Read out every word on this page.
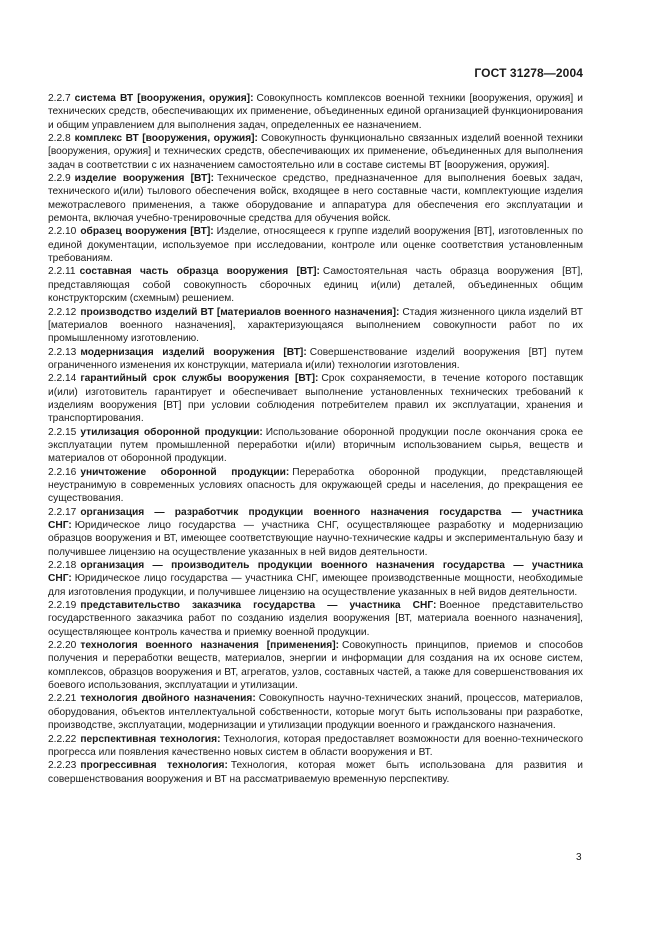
ГОСТ 31278—2004

2.2.7 система ВТ [вооружения, оружия]: Совокупность комплексов военной техники [вооружения, оружия] и технических средств, обеспечивающих их применение, объединенных единой организацией функционирования и общим управлением для выполнения задач, определенных ее назначением.

2.2.8 комплекс ВТ [вооружения, оружия]: Совокупность функционально связанных изделий военной техники [вооружения, оружия] и технических средств, обеспечивающих их применение, объединенных для выполнения задач в соответствии с их назначением самостоятельно или в составе системы ВТ [вооружения, оружия].

2.2.9 изделие вооружения [ВТ]: Техническое средство, предназначенное для выполнения боевых задач, технического и(или) тылового обеспечения войск, входящее в него составные части, комплектующие изделия межотраслевого применения, а также оборудование и аппаратура для обеспечения его эксплуатации и ремонта, включая учебно-тренировочные средства для обучения войск.

2.2.10 образец вооружения [ВТ]: Изделие, относящееся к группе изделий вооружения [ВТ], изготовленных по единой документации, используемое при исследовании, контроле или оценке соответствия установленным требованиям.

2.2.11 составная часть образца вооружения [ВТ]: Самостоятельная часть образца вооружения [ВТ], представляющая собой совокупность сборочных единиц и(или) деталей, объединенных общим конструкторским (схемным) решением.

2.2.12 производство изделий ВТ [материалов военного назначения]: Стадия жизненного цикла изделий ВТ [материалов военного назначения], характеризующаяся выполнением совокупности работ по их промышленному изготовлению.

2.2.13 модернизация изделий вооружения [ВТ]: Совершенствование изделий вооружения [ВТ] путем ограниченного изменения их конструкции, материала и(или) технологии изготовления.

2.2.14 гарантийный срок службы вооружения [ВТ]: Срок сохраняемости, в течение которого поставщик и(или) изготовитель гарантирует и обеспечивает выполнение установленных технических требований к изделиям вооружения [ВТ] при условии соблюдения потребителем правил их эксплуатации, хранения и транспортирования.

2.2.15 утилизация оборонной продукции: Использование оборонной продукции после окончания срока ее эксплуатации путем промышленной переработки и(или) вторичным использованием сырья, веществ и материалов от оборонной продукции.

2.2.16 уничтожение оборонной продукции: Переработка оборонной продукции, представляющей неустранимую в современных условиях опасность для окружающей среды и населения, до прекращения ее существования.

2.2.17 организация — разработчик продукции военного назначения государства — участника СНГ: Юридическое лицо государства — участника СНГ, осуществляющее разработку и модернизацию образцов вооружения и ВТ, имеющее соответствующие научно-технические кадры и экспериментальную базу и получившее лицензию на осуществление указанных в ней видов деятельности.

2.2.18 организация — производитель продукции военного назначения государства — участника СНГ: Юридическое лицо государства — участника СНГ, имеющее производственные мощности, необходимые для изготовления продукции, и получившее лицензию на осуществление указанных в ней видов деятельности.

2.2.19 представительство заказчика государства — участника СНГ: Военное представительство государственного заказчика работ по созданию изделия вооружения [ВТ, материала военного назначения], осуществляющее контроль качества и приемку военной продукции.

2.2.20 технология военного назначения [применения]: Совокупность принципов, приемов и способов получения и переработки веществ, материалов, энергии и информации для создания на их основе систем, комплексов, образцов вооружения и ВТ, агрегатов, узлов, составных частей, а также для совершенствования их боевого использования, эксплуатации и утилизации.

2.2.21 технология двойного назначения: Совокупность научно-технических знаний, процессов, материалов, оборудования, объектов интеллектуальной собственности, которые могут быть использованы при разработке, производстве, эксплуатации, модернизации и утилизации продукции военного и гражданского назначения.

2.2.22 перспективная технология: Технология, которая предоставляет возможности для военно-технического прогресса или появления качественно новых систем в области вооружения и ВТ.

2.2.23 прогрессивная технология: Технология, которая может быть использована для развития и совершенствования вооружения и ВТ на рассматриваемую временную перспективу.

3
